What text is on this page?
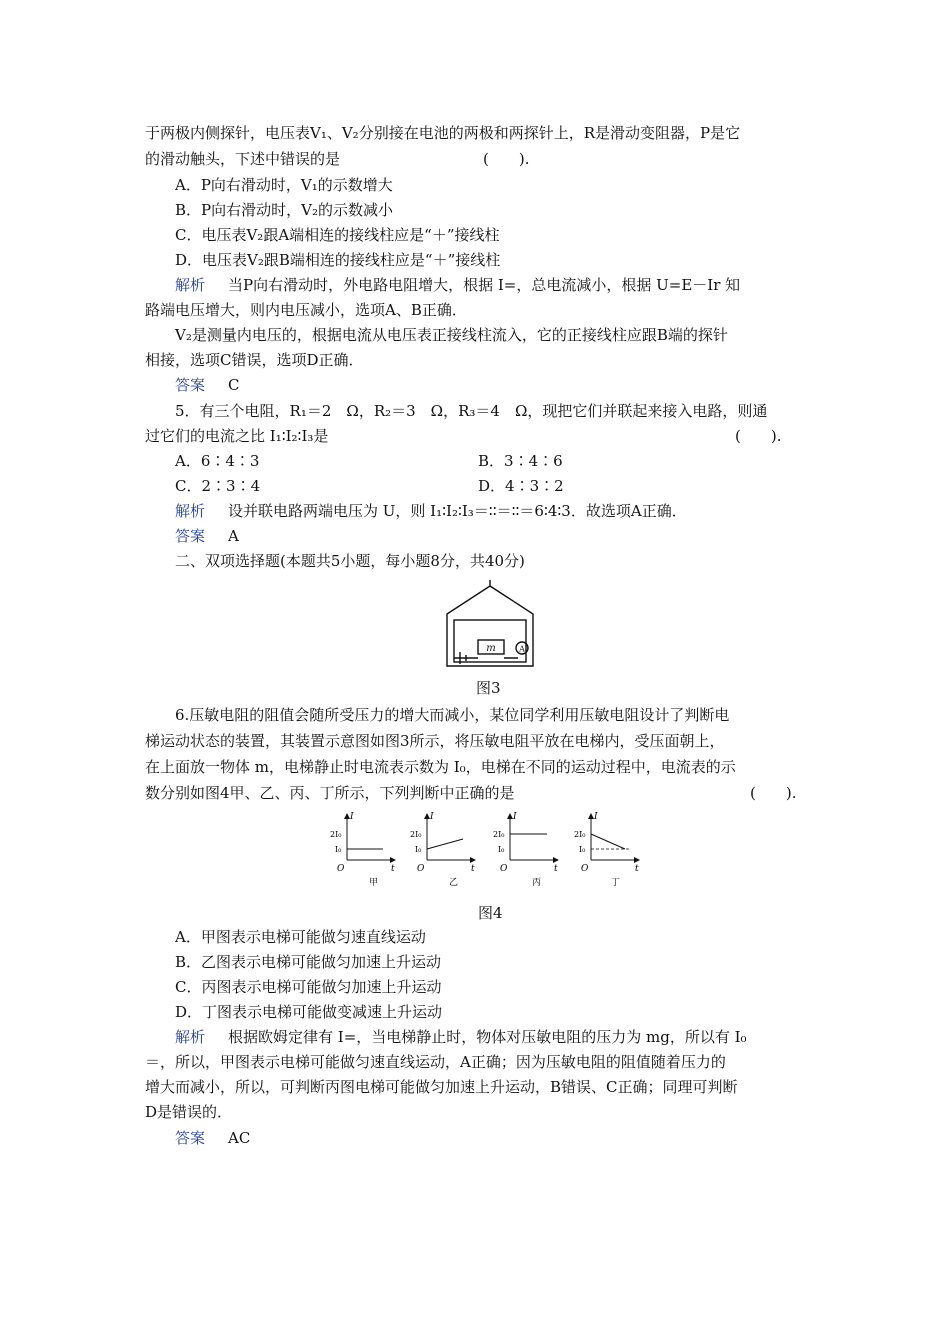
于两极内侧探针，电压表V₁、V₂分别接在电池的两极和两探针上，R是滑动变阻器，P是它
的滑动触头，下述中错误的是	(　　).
A．P向右滑动时，V₁的示数增大
B．P向右滑动时，V₂的示数减小
C．电压表V₂跟A端相连的接线柱应是“＋”接线柱
D．电压表V₂跟B端相连的接线柱应是“＋”接线柱
解析 当P向右滑动时，外电路电阻增大，根据 I=，总电流减小，根据 U=E－Ir 知
路端电压增大，则内电压减小，选项A、B正确．
V₂是测量内电压的，根据电流从电压表正接线柱流入，它的正接线柱应跟B端的探针
相接，选项C错误，选项D正确．
答案 C
5．有三个电阻，R₁＝2　Ω，R₂＝3　Ω，R₃＝4　Ω，现把它们并联起来接入电路，则通
过它们的电流之比 I₁∶I₂∶I₃是	(　　).
A．6∶4∶3	B．3∶4∶6
C．2∶3∶4	D．4∶3∶2
解析 设并联电路两端电压为 U，则 I₁∶I₂∶I₃＝∶∶＝∶∶＝6∶4∶3．故选项A正确．
答案 A
二、双项选择题(本题共5小题，每小题8分，共40分)
m	A
图3
6.压敏电阻的阻值会随所受压力的增大而减小，某位同学利用压敏电阻设计了判断电
梯运动状态的装置，其装置示意图如图3所示，将压敏电阻平放在电梯内，受压面朝上，
在上面放一物体 m，电梯静止时电流表示数为 I₀，电梯在不同的运动过程中，电流表的示
数分别如图4甲、乙、丙、丁所示，下列判断中正确的是	(　　).
I
t
O
2I₀
I₀
甲
I
t
O
2I₀
I₀
乙
I
t
O
2I₀
I₀
丙
I
t
O
2I₀
I₀
丁
图4
A．甲图表示电梯可能做匀速直线运动
B．乙图表示电梯可能做匀加速上升运动
C．丙图表示电梯可能做匀加速上升运动
D．丁图表示电梯可能做变减速上升运动
解析 根据欧姆定律有 I=，当电梯静止时，物体对压敏电阻的压力为 mg，所以有 I₀
＝，所以，甲图表示电梯可能做匀速直线运动，A正确；因为压敏电阻的阻值随着压力的
增大而减小，所以，可判断丙图电梯可能做匀加速上升运动，B错误、C正确；同理可判断
D是错误的．
答案 AC
